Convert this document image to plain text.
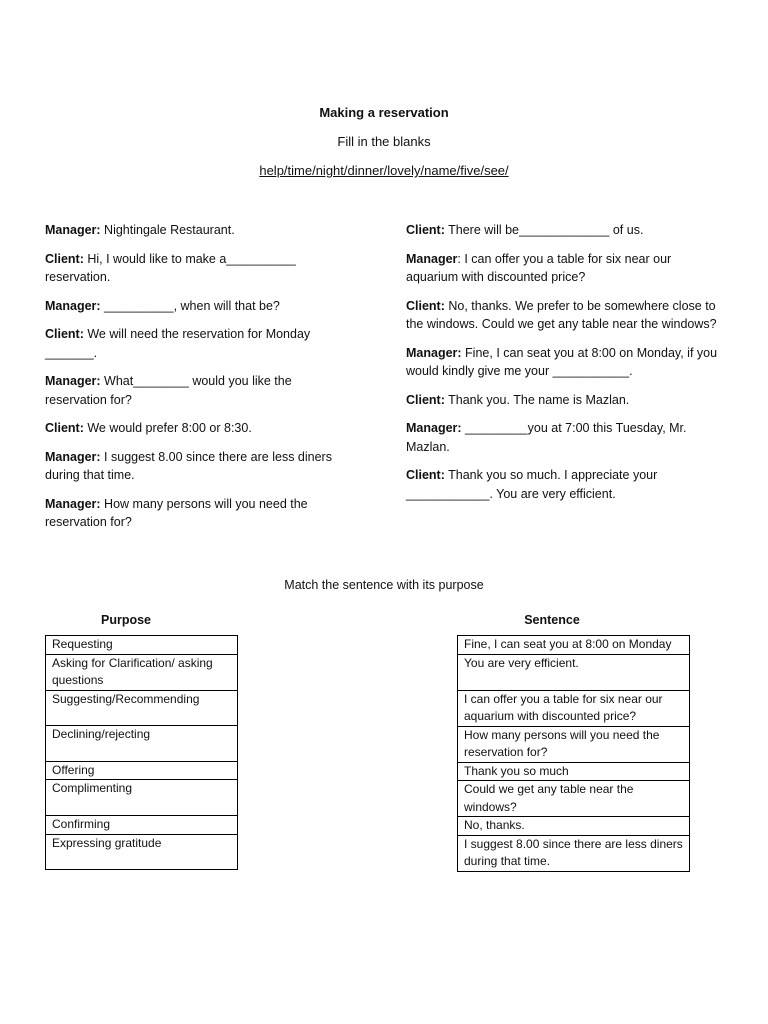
Making a reservation
Fill in the blanks
help/time/night/dinner/lovely/name/five/see/

Manager: Nightingale Restaurant.

Client: Hi, I would like to make a__________ reservation.

Manager: __________, when will that be?

Client: We will need the reservation for Monday _______.

Manager: What________ would you like the reservation for?

Client: We would prefer 8:00 or 8:30.

Manager: I suggest 8.00 since there are less diners during that time.

Manager: How many persons will you need the reservation for?

Client: There will be_____________ of us.

Manager: I can offer you a table for six near our aquarium with discounted price?

Client: No, thanks. We prefer to be somewhere close to the windows. Could we get any table near the windows?

Manager: Fine, I can seat you at 8:00 on Monday, if you would kindly give me your ___________.

Client: Thank you. The name is Mazlan.

Manager: _________you at 7:00 this Tuesday, Mr. Mazlan.

Client: Thank you so much. I appreciate your ____________. You are very efficient.

Match the sentence with its purpose
Purpose	Sentence
Requesting
Asking for Clarification/ asking questions
Suggesting/Recommending
Declining/rejecting
Offering
Complimenting
Confirming
Expressing gratitude
Fine, I can seat you at 8:00 on Monday
You are very efficient.
I can offer you a table for six near our aquarium with discounted price?
How many persons will you need the reservation for?
Thank you so much
Could we get any table near the windows?
No, thanks.
I suggest 8.00 since there are less diners during that time.
